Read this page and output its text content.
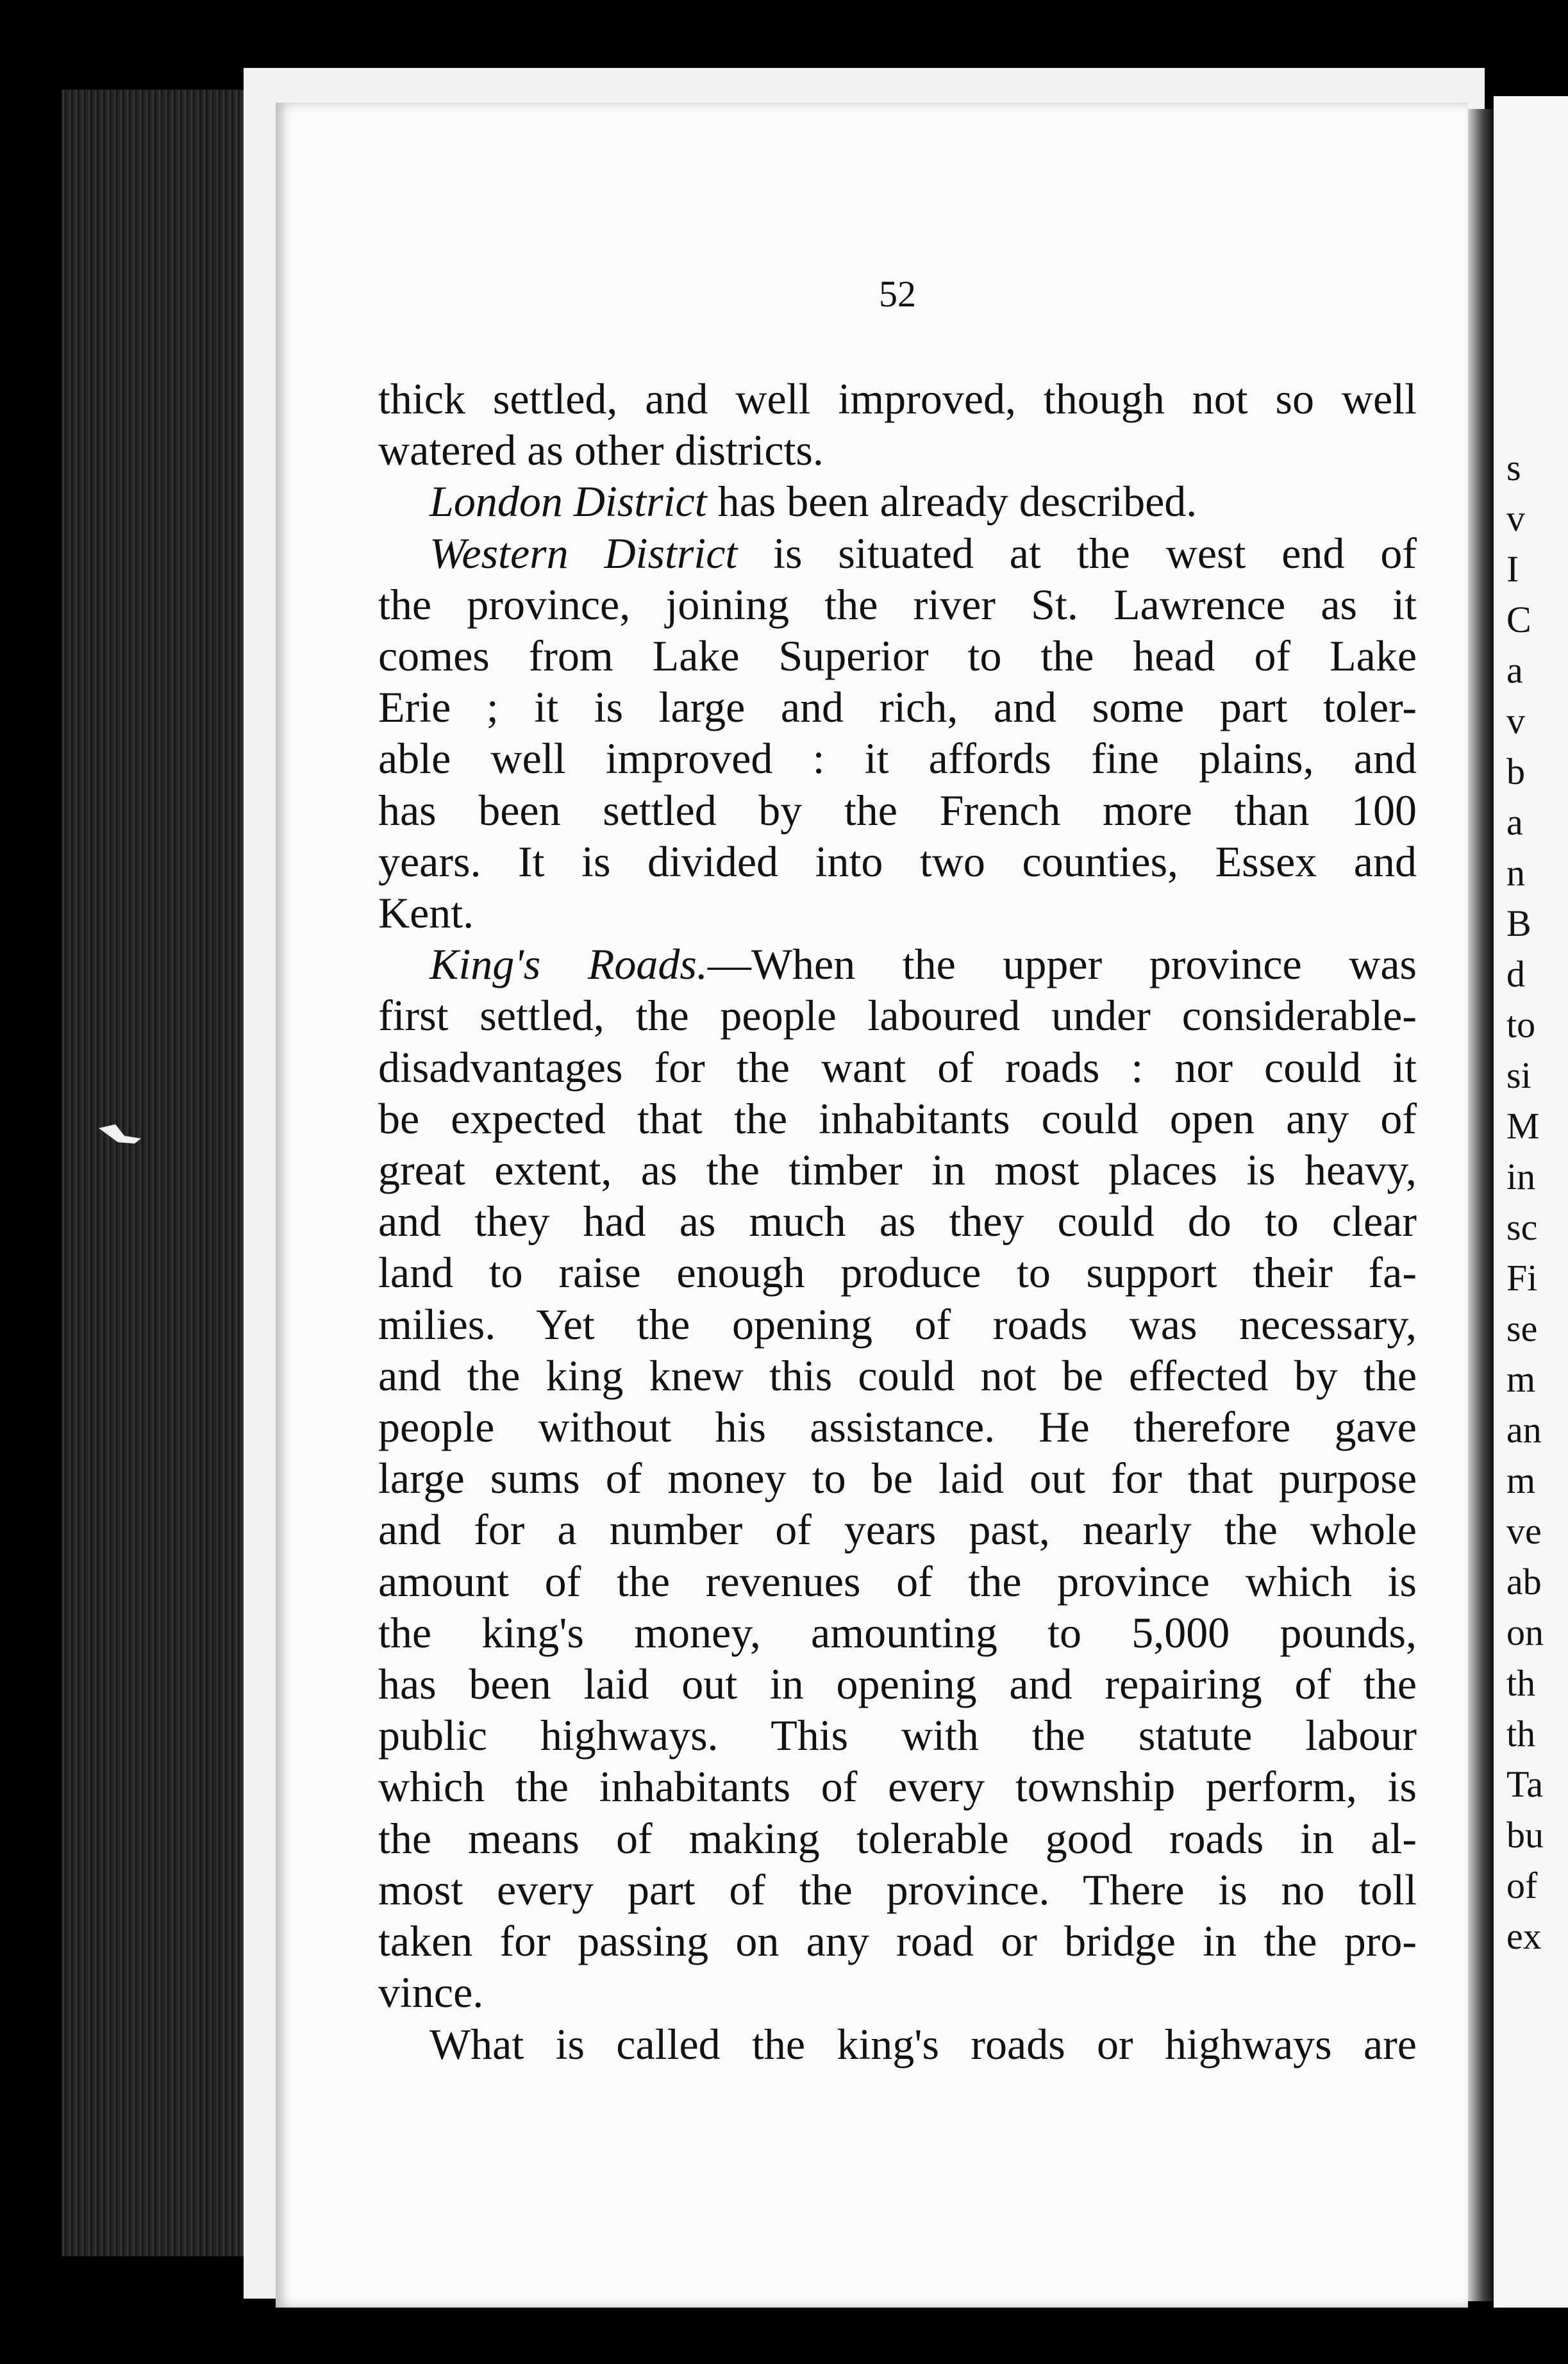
s
v
I
C
a
v
b
a
n
B
d
to
si
M
in
sc
Fi
se
m
an
m
ve
ab
on
th
th
Ta
bu
of
ex
52
thick settled, and well improved, though not so well
watered as other districts.
London District has been already described.
Western District is situated at the west end of
the province, joining the river St. Lawrence as it
comes from Lake Superior to the head of Lake
Erie ; it is large and rich, and some part toler-
able well improved : it affords fine plains, and
has been settled by the French more than 100
years. It is divided into two counties, Essex and
Kent.
King's Roads.—When the upper province was
first settled, the people laboured under considerable-
disadvantages for the want of roads : nor could it
be expected that the inhabitants could open any of
great extent, as the timber in most places is heavy,
and they had as much as they could do to clear
land to raise enough produce to support their fa-
milies. Yet the opening of roads was necessary,
and the king knew this could not be effected by the
people without his assistance. He therefore gave
large sums of money to be laid out for that purpose
and for a number of years past, nearly the whole
amount of the revenues of the province which is
the king's money, amounting to 5,000 pounds,
has been laid out in opening and repairing of the
public highways. This with the statute labour
which the inhabitants of every township perform, is
the means of making tolerable good roads in al-
most every part of the province. There is no toll
taken for passing on any road or bridge in the pro-
vince.
What is called the king's roads or highways are
